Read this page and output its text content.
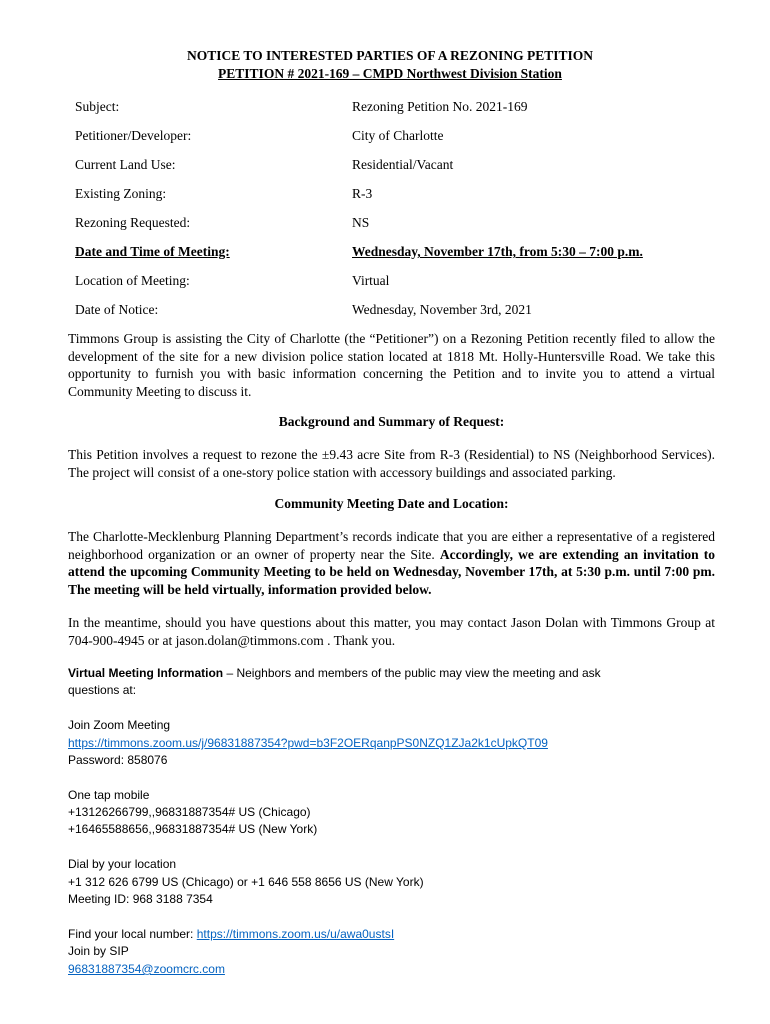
NOTICE TO INTERESTED PARTIES OF A REZONING PETITION
PETITION # 2021-169 – CMPD Northwest Division Station
Subject:	Rezoning Petition No. 2021-169
Petitioner/Developer:	City of Charlotte
Current Land Use:	Residential/Vacant
Existing Zoning:	R-3
Rezoning Requested:	NS
Date and Time of Meeting:	Wednesday, November 17th, from 5:30 – 7:00 p.m.
Location of Meeting:	Virtual
Date of Notice:	Wednesday, November 3rd, 2021
Timmons Group is assisting the City of Charlotte (the “Petitioner”) on a Rezoning Petition recently filed to allow the development of the site for a new division police station located at 1818 Mt. Holly-Huntersville Road. We take this opportunity to furnish you with basic information concerning the Petition and to invite you to attend a virtual Community Meeting to discuss it.
Background and Summary of Request:
This Petition involves a request to rezone the ±9.43 acre Site from R-3 (Residential) to NS (Neighborhood Services). The project will consist of a one-story police station with accessory buildings and associated parking.
Community Meeting Date and Location:
The Charlotte-Mecklenburg Planning Department’s records indicate that you are either a representative of a registered neighborhood organization or an owner of property near the Site. Accordingly, we are extending an invitation to attend the upcoming Community Meeting to be held on Wednesday, November 17th, at 5:30 p.m. until 7:00 pm. The meeting will be held virtually, information provided below.
In the meantime, should you have questions about this matter, you may contact Jason Dolan with Timmons Group at 704-900-4945 or at jason.dolan@timmons.com . Thank you.
Virtual Meeting Information – Neighbors and members of the public may view the meeting and ask
questions at:
Join Zoom Meeting
https://timmons.zoom.us/j/96831887354?pwd=b3F2OERqanpPS0NZQ1ZJa2k1cUpkQT09
Password: 858076
One tap mobile
+13126266799,,96831887354# US (Chicago)
+16465588656,,96831887354# US (New York)
Dial by your location
+1 312 626 6799 US (Chicago) or +1 646 558 8656 US (New York)
Meeting ID: 968 3188 7354
Find your local number: https://timmons.zoom.us/u/awa0ustsI
Join by SIP
96831887354@zoomcrc.com
